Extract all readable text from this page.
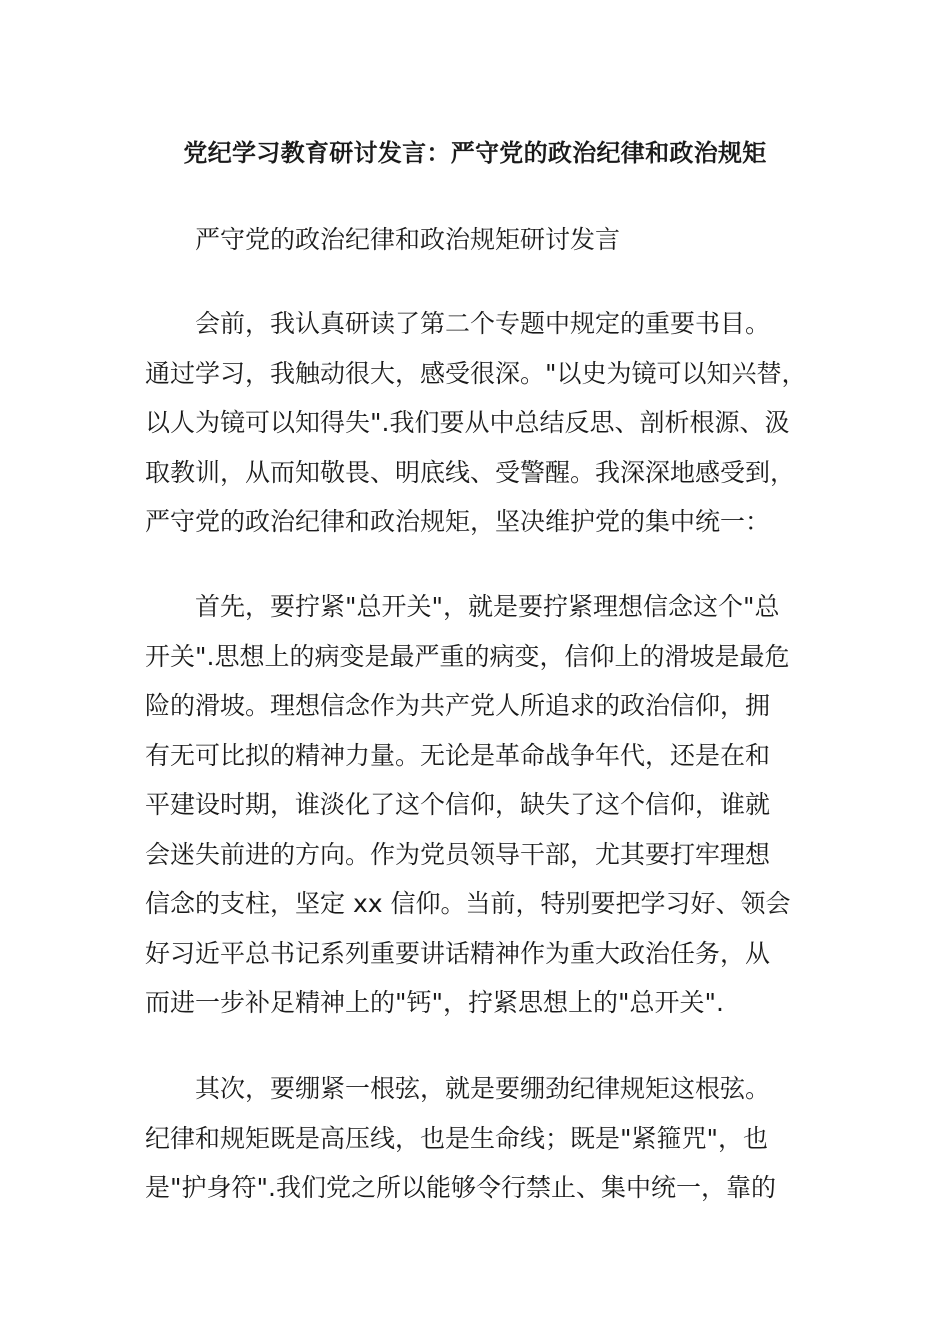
党纪学习教育研讨发言：严守党的政治纪律和政治规矩
严守党的政治纪律和政治规矩研讨发言
会前，我认真研读了第二个专题中规定的重要书目。
通过学习，我触动很大，感受很深。"以史为镜可以知兴替，
以人为镜可以知得失".我们要从中总结反思、剖析根源、汲
取教训，从而知敬畏、明底线、受警醒。我深深地感受到，
严守党的政治纪律和政治规矩，坚决维护党的集中统一：
首先，要拧紧"总开关"，就是要拧紧理想信念这个"总
开关".思想上的病变是最严重的病变，信仰上的滑坡是最危
险的滑坡。理想信念作为共产党人所追求的政治信仰，拥
有无可比拟的精神力量。无论是革命战争年代，还是在和
平建设时期，谁淡化了这个信仰，缺失了这个信仰，谁就
会迷失前进的方向。作为党员领导干部，尤其要打牢理想
信念的支柱，坚定 xx 信仰。当前，特别要把学习好、领会
好习近平总书记系列重要讲话精神作为重大政治任务，从
而进一步补足精神上的"钙"，拧紧思想上的"总开关".
其次，要绷紧一根弦，就是要绷劲纪律规矩这根弦。
纪律和规矩既是高压线，也是生命线；既是"紧箍咒"，也
是"护身符".我们党之所以能够令行禁止、集中统一，靠的
